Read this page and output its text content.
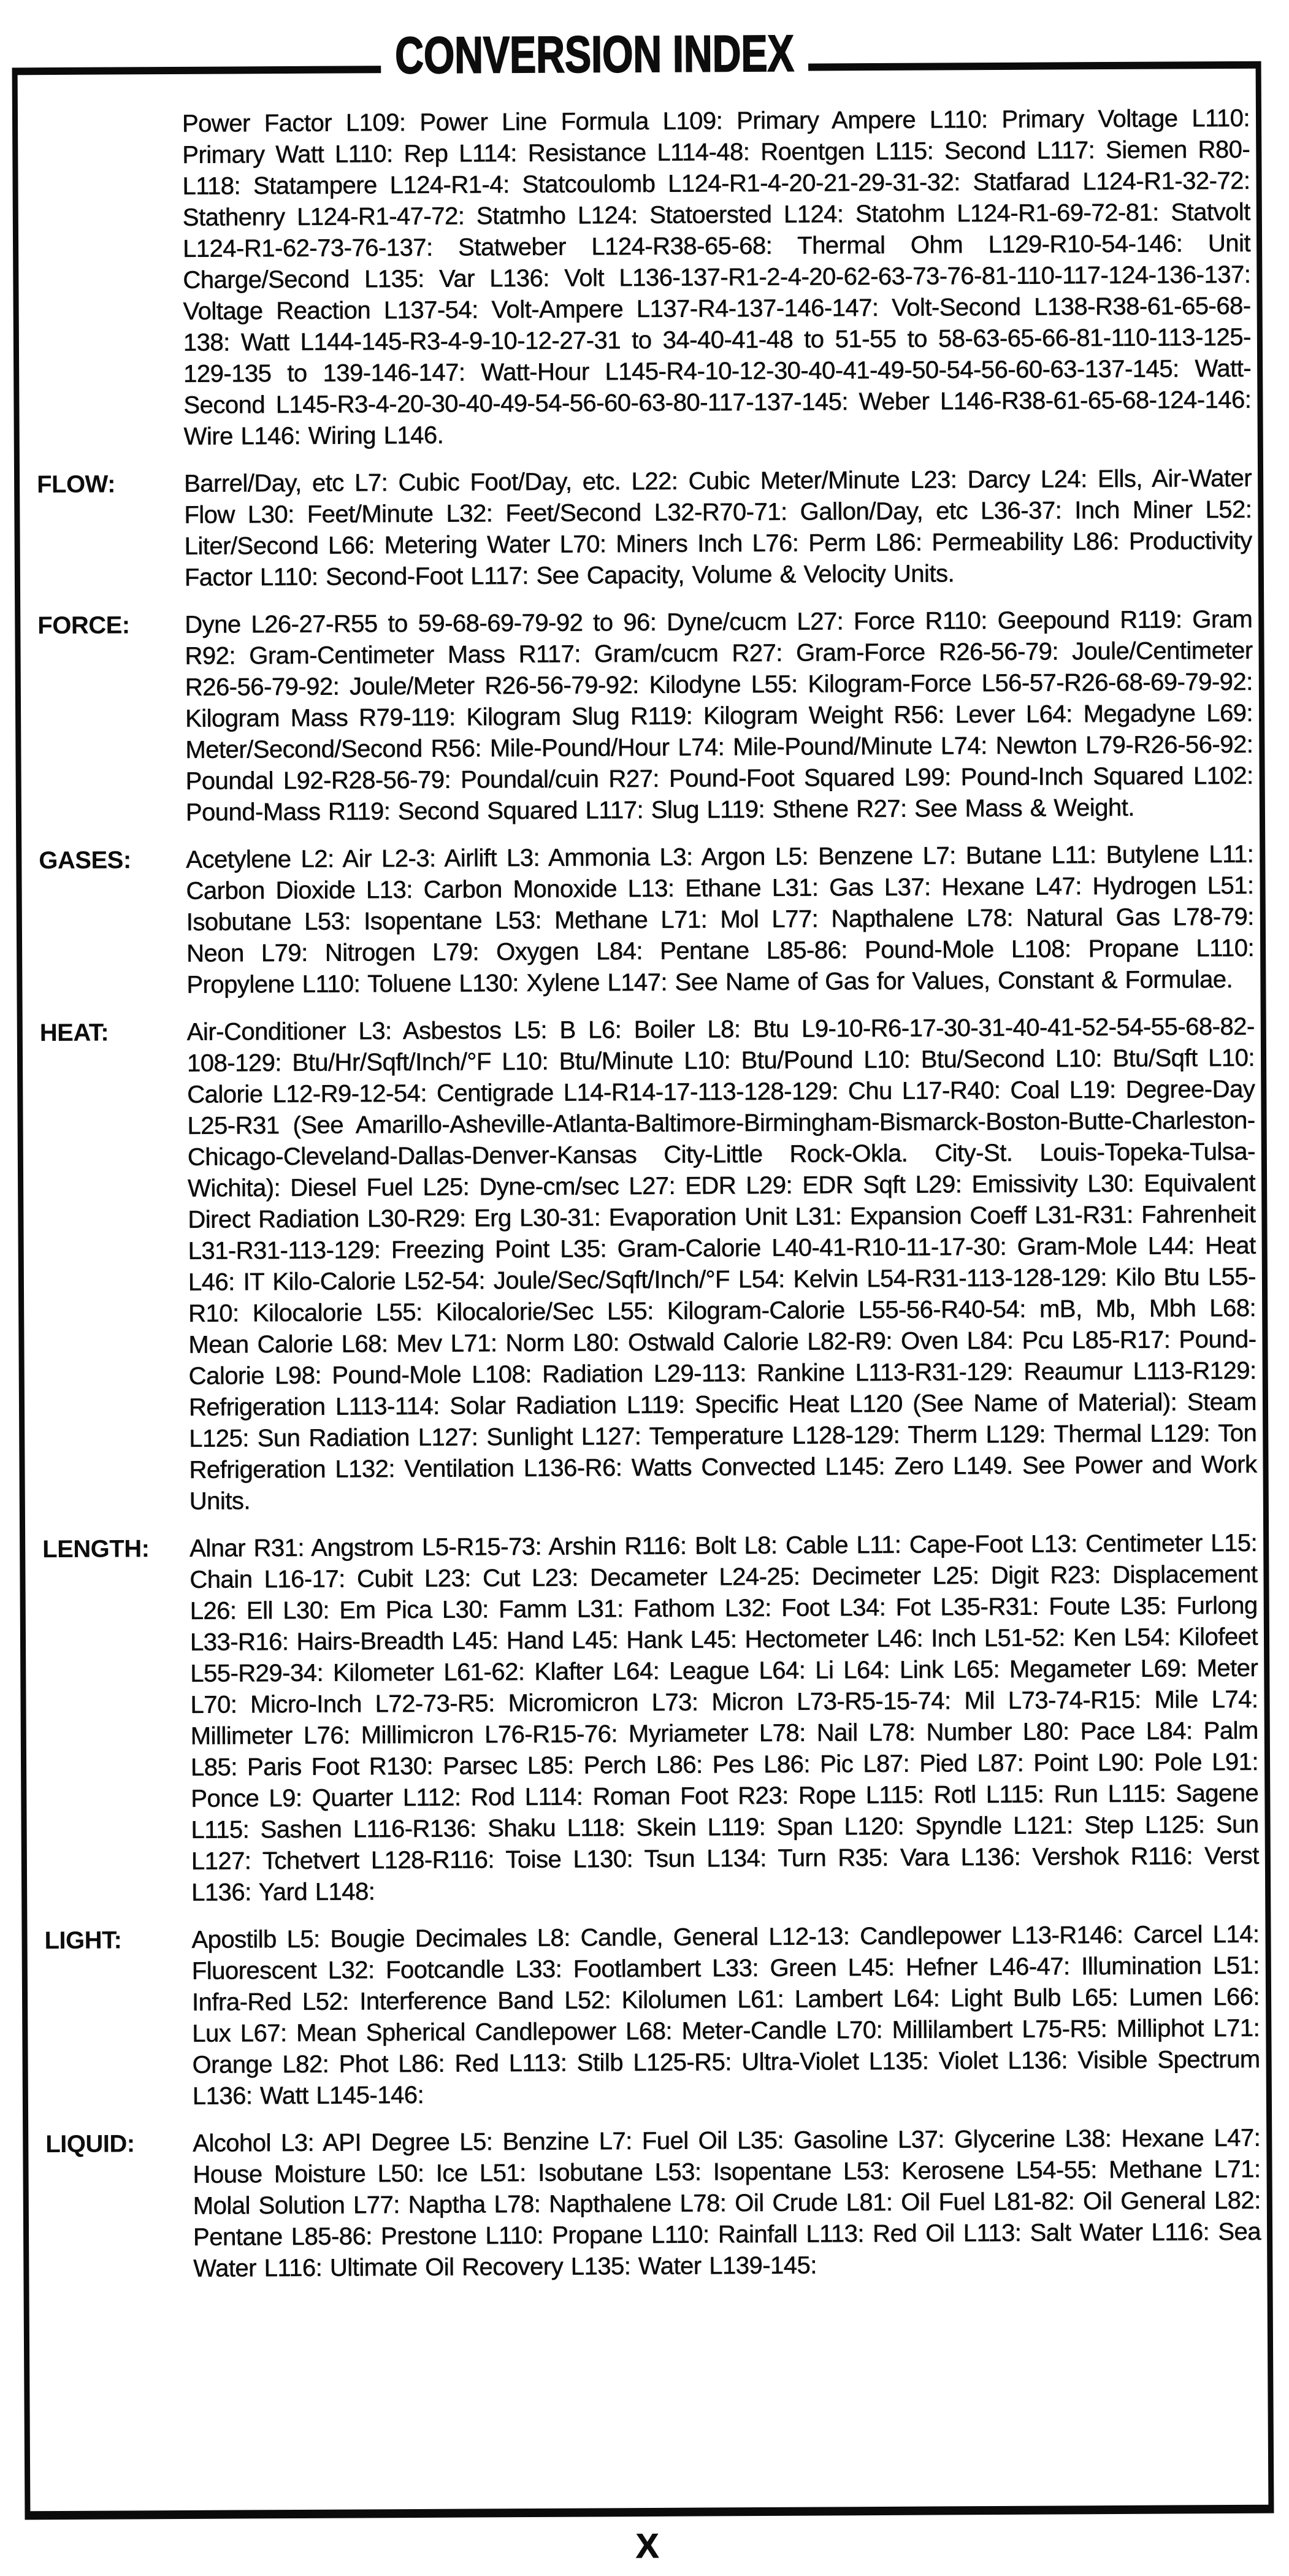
Power Factor L109: Power Line Formula L109: Primary Ampere L110: Primary Voltage L110: Primary Watt L110: Rep L114: Resistance L114-48: Roentgen L115: Second L117: Siemen R80-L118: Statampere L124-R1-4: Statcoulomb L124-R1-4-20-21-29-31-32: Statfarad L124-R1-32-72: Stathenry L124-R1-47-72: Statmho L124: Statoersted L124: Statohm L124-R1-69-72-81: Statvolt L124-R1-62-73-76-137: Statweber L124-R38-65-68: Thermal Ohm L129-R10-54-146: Unit Charge/Second L135: Var L136: Volt L136-137-R1-2-4-20-62-63-73-76-81-110-117-124-136-137: Voltage Reaction L137-54: Volt-Ampere L137-R4-137-146-147: Volt-Second L138-R38-61-65-68-138: Watt L144-145-R3-4-9-10-12-27-31 to 34-40-41-48 to 51-55 to 58-63-65-66-81-110-113-125-129-135 to 139-146-147: Watt-Hour L145-R4-10-12-30-40-41-49-50-54-56-60-63-137-145: Watt-Second L145-R3-4-20-30-40-49-54-56-60-63-80-117-137-145: Weber L146-R38-61-65-68-124-146: Wire L146: Wiring L146.
FLOW:	Barrel/Day, etc L7: Cubic Foot/Day, etc. L22: Cubic Meter/Minute L23: Darcy L24: Ells, Air-Water Flow L30: Feet/Minute L32: Feet/Second L32-R70-71: Gallon/Day, etc L36-37: Inch Miner L52: Liter/Second L66: Metering Water L70: Miners Inch L76: Perm L86: Permeability L86: Productivity Factor L110: Second-Foot L117: See Capacity, Volume & Velocity Units.
FORCE:	Dyne L26-27-R55 to 59-68-69-79-92 to 96: Dyne/cucm L27: Force R110: Geepound R119: Gram R92: Gram-Centimeter Mass R117: Gram/cucm R27: Gram-Force R26-56-79: Joule/Centimeter R26-56-79-92: Joule/Meter R26-56-79-92: Kilodyne L55: Kilogram-Force L56-57-R26-68-69-79-92: Kilogram Mass R79-119: Kilogram Slug R119: Kilogram Weight R56: Lever L64: Megadyne L69: Meter/Second/Second R56: Mile-Pound/Hour L74: Mile-Pound/Minute L74: Newton L79-R26-56-92: Poundal L92-R28-56-79: Poundal/cuin R27: Pound-Foot Squared L99: Pound-Inch Squared L102: Pound-Mass R119: Second Squared L117: Slug L119: Sthene R27: See Mass & Weight.
GASES:	Acetylene L2: Air L2-3: Airlift L3: Ammonia L3: Argon L5: Benzene L7: Butane L11: Butylene L11: Carbon Dioxide L13: Carbon Monoxide L13: Ethane L31: Gas L37: Hexane L47: Hydrogen L51: Isobutane L53: Isopentane L53: Methane L71: Mol L77: Napthalene L78: Natural Gas L78-79: Neon L79: Nitrogen L79: Oxygen L84: Pentane L85-86: Pound-Mole L108: Propane L110: Propylene L110: Toluene L130: Xylene L147: See Name of Gas for Values, Constant & Formulae.
HEAT:	Air-Conditioner L3: Asbestos L5: B L6: Boiler L8: Btu L9-10-R6-17-30-31-40-41-52-54-55-68-82-108-129: Btu/Hr/Sqft/Inch/°F L10: Btu/Minute L10: Btu/Pound L10: Btu/Second L10: Btu/Sqft L10: Calorie L12-R9-12-54: Centigrade L14-R14-17-113-128-129: Chu L17-R40: Coal L19: Degree-Day L25-R31 (See Amarillo-Asheville-Atlanta-Baltimore-Birmingham-Bismarck-Boston-Butte-Charleston-Chicago-Cleveland-Dallas-Denver-Kansas City-Little Rock-Okla. City-St. Louis-Topeka-Tulsa-Wichita): Diesel Fuel L25: Dyne-cm/sec L27: EDR L29: EDR Sqft L29: Emissivity L30: Equivalent Direct Radiation L30-R29: Erg L30-31: Evaporation Unit L31: Expansion Coeff L31-R31: Fahrenheit L31-R31-113-129: Freezing Point L35: Gram-Calorie L40-41-R10-11-17-30: Gram-Mole L44: Heat L46: IT Kilo-Calorie L52-54: Joule/Sec/Sqft/Inch/°F L54: Kelvin L54-R31-113-128-129: Kilo Btu L55-R10: Kilocalorie L55: Kilocalorie/Sec L55: Kilogram-Calorie L55-56-R40-54: mB, Mb, Mbh L68: Mean Calorie L68: Mev L71: Norm L80: Ostwald Calorie L82-R9: Oven L84: Pcu L85-R17: Pound-Calorie L98: Pound-Mole L108: Radiation L29-113: Rankine L113-R31-129: Reaumur L113-R129: Refrigeration L113-114: Solar Radiation L119: Specific Heat L120 (See Name of Material): Steam L125: Sun Radiation L127: Sunlight L127: Temperature L128-129: Therm L129: Thermal L129: Ton Refrigeration L132: Ventilation L136-R6: Watts Convected L145: Zero L149. See Power and Work Units.
LENGTH:	Alnar R31: Angstrom L5-R15-73: Arshin R116: Bolt L8: Cable L11: Cape-Foot L13: Centimeter L15: Chain L16-17: Cubit L23: Cut L23: Decameter L24-25: Decimeter L25: Digit R23: Displacement L26: Ell L30: Em Pica L30: Famm L31: Fathom L32: Foot L34: Fot L35-R31: Foute L35: Furlong L33-R16: Hairs-Breadth L45: Hand L45: Hank L45: Hectometer L46: Inch L51-52: Ken L54: Kilofeet L55-R29-34: Kilometer L61-62: Klafter L64: League L64: Li L64: Link L65: Megameter L69: Meter L70: Micro-Inch L72-73-R5: Micromicron L73: Micron L73-R5-15-74: Mil L73-74-R15: Mile L74: Millimeter L76: Millimicron L76-R15-76: Myriameter L78: Nail L78: Number L80: Pace L84: Palm L85: Paris Foot R130: Parsec L85: Perch L86: Pes L86: Pic L87: Pied L87: Point L90: Pole L91: Ponce L9: Quarter L112: Rod L114: Roman Foot R23: Rope L115: Rotl L115: Run L115: Sagene L115: Sashen L116-R136: Shaku L118: Skein L119: Span L120: Spyndle L121: Step L125: Sun L127: Tchetvert L128-R116: Toise L130: Tsun L134: Turn R35: Vara L136: Vershok R116: Verst L136: Yard L148:
LIGHT:	Apostilb L5: Bougie Decimales L8: Candle, General L12-13: Candlepower L13-R146: Carcel L14: Fluorescent L32: Footcandle L33: Footlambert L33: Green L45: Hefner L46-47: Illumination L51: Infra-Red L52: Interference Band L52: Kilolumen L61: Lambert L64: Light Bulb L65: Lumen L66: Lux L67: Mean Spherical Candlepower L68: Meter-Candle L70: Millilambert L75-R5: Milliphot L71: Orange L82: Phot L86: Red L113: Stilb L125-R5: Ultra-Violet L135: Violet L136: Visible Spectrum L136: Watt L145-146:
LIQUID:	Alcohol L3: API Degree L5: Benzine L7: Fuel Oil L35: Gasoline L37: Glycerine L38: Hexane L47: House Moisture L50: Ice L51: Isobutane L53: Isopentane L53: Kerosene L54-55: Methane L71: Molal Solution L77: Naptha L78: Napthalene L78: Oil Crude L81: Oil Fuel L81-82: Oil General L82: Pentane L85-86: Prestone L110: Propane L110: Rainfall L113: Red Oil L113: Salt Water L116: Sea Water L116: Ultimate Oil Recovery L135: Water L139-145:
CONVERSION INDEX
X
